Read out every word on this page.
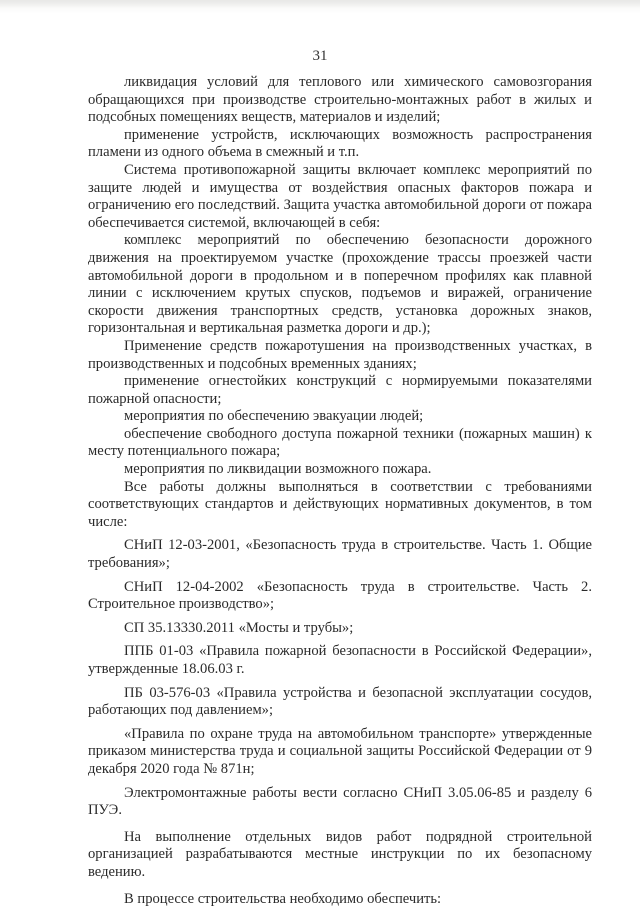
31

ликвидация условий для теплового или химического самовозгорания обращающихся при производстве строительно-монтажных работ в жилых и подсобных помещениях веществ, материалов и изделий;

применение устройств, исключающих возможность распространения пламени из одного объема в смежный и т.п.

Система противопожарной защиты включает комплекс мероприятий по защите людей и имущества от воздействия опасных факторов пожара и ограничению его последствий. Защита участка автомобильной дороги от пожара обеспечивается системой, включающей в себя:

комплекс мероприятий по обеспечению безопасности дорожного движения на проектируемом участке (прохождение трассы проезжей части автомобильной дороги в продольном и в поперечном профилях как плавной линии с исключением крутых спусков, подъемов и виражей, ограничение скорости движения транспортных средств, установка дорожных знаков, горизонтальная и вертикальная разметка дороги и др.);

Применение средств пожаротушения на производственных участках, в производственных и подсобных временных зданиях;

применение огнестойких конструкций с нормируемыми показателями пожарной опасности;

мероприятия по обеспечению эвакуации людей;

обеспечение свободного доступа пожарной техники (пожарных машин) к месту потенциального пожара;

мероприятия по ликвидации возможного пожара.

Все работы должны выполняться в соответствии с требованиями соответствующих стандартов и действующих нормативных документов, в том числе:

СНиП 12-03-2001, «Безопасность труда в строительстве. Часть 1. Общие требования»;

СНиП 12-04-2002 «Безопасность труда в строительстве. Часть 2. Строительное производство»;

СП 35.13330.2011 «Мосты и трубы»;

ППБ 01-03 «Правила пожарной безопасности в Российской Федерации», утвержденные 18.06.03 г.

ПБ 03-576-03 «Правила устройства и безопасной эксплуатации сосудов, работающих под давлением»;

«Правила по охране труда на автомобильном транспорте» утвержденные приказом министерства труда и социальной защиты Российской Федерации от 9 декабря 2020 года № 871н;

Электромонтажные работы вести согласно СНиП 3.05.06-85 и разделу 6 ПУЭ.

На выполнение отдельных видов работ подрядной строительной организацией разрабатываются местные инструкции по их безопасному ведению.

В процессе строительства необходимо обеспечить:
